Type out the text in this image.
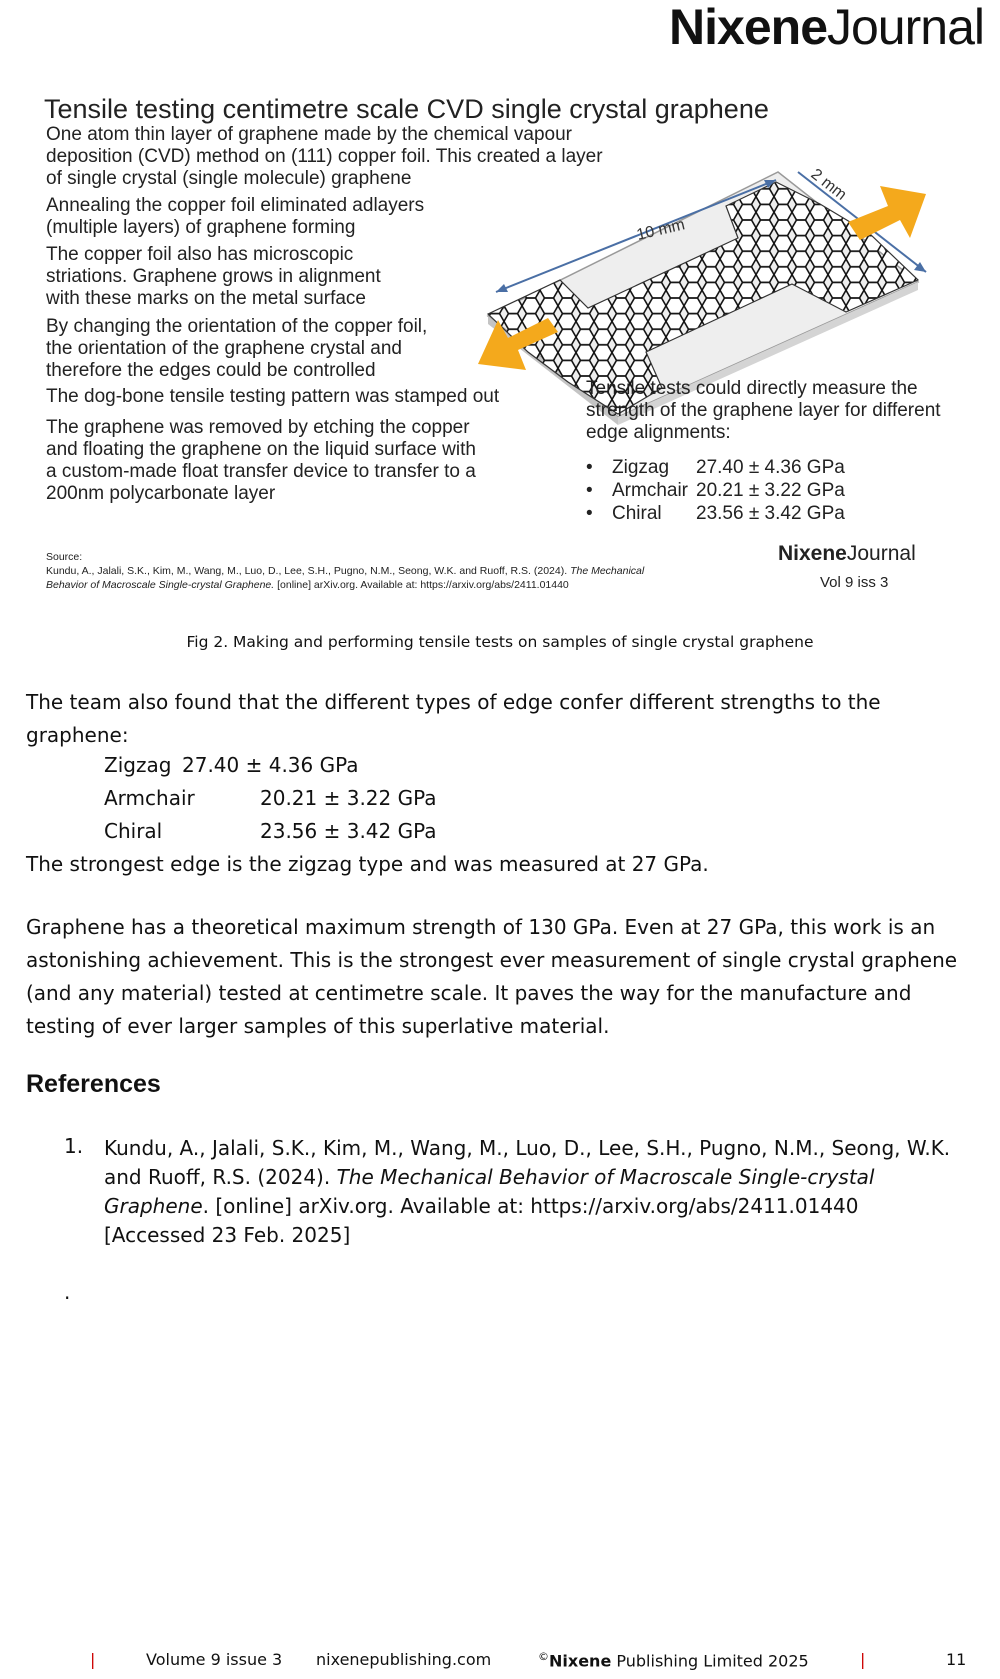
NixeneJournal
Tensile testing centimetre scale CVD single crystal graphene
One atom thin layer of graphene made by the chemical vapour deposition (CVD) method on (111) copper foil. This created a layer of single crystal (single molecule) graphene
Annealing the copper foil eliminated adlayers (multiple layers) of graphene forming
The copper foil also has microscopic striations. Graphene grows in alignment with these marks on the metal surface
By changing the orientation of the copper foil, the orientation of the graphene crystal and therefore the edges could be controlled
The dog-bone tensile testing pattern was stamped out
The graphene was removed by etching the copper and floating the graphene on the liquid surface with a custom-made float transfer device to transfer to a 200nm polycarbonate layer
10 mm
2 mm
Tensile tests could directly measure the strength of the graphene layer for different edge alignments:
•	Zigzag	27.40 ± 4.36 GPa
•	Armchair 20.21 ± 3.22 GPa
•	Chiral	23.56 ± 3.42 GPa
Source:
Kundu, A., Jalali, S.K., Kim, M., Wang, M., Luo, D., Lee, S.H., Pugno, N.M., Seong, W.K. and Ruoff, R.S. (2024). The Mechanical Behavior of Macroscale Single-crystal Graphene. [online] arXiv.org. Available at: https://arxiv.org/abs/2411.01440
NixeneJournal
Vol 9 iss 3
Fig 2. Making and performing tensile tests on samples of single crystal graphene
The team also found that the different types of edge confer different strengths to the graphene:
Zigzag 27.40 ± 4.36 GPa
Armchair	20.21 ± 3.22 GPa
Chiral	23.56 ± 3.42 GPa
The strongest edge is the zigzag type and was measured at 27 GPa.
Graphene has a theoretical maximum strength of 130 GPa. Even at 27 GPa, this work is an astonishing achievement. This is the strongest ever measurement of single crystal graphene (and any material) tested at centimetre scale. It paves the way for the manufacture and testing of ever larger samples of this superlative material.
References
1. Kundu, A., Jalali, S.K., Kim, M., Wang, M., Luo, D., Lee, S.H., Pugno, N.M., Seong, W.K. and Ruoff, R.S. (2024). The Mechanical Behavior of Macroscale Single-crystal Graphene. [online] arXiv.org. Available at: https://arxiv.org/abs/2411.01440 [Accessed 23 Feb. 2025]
.
|	Volume 9 issue 3 nixenepublishing.com	©Nixene Publishing Limited 2025	|	11
